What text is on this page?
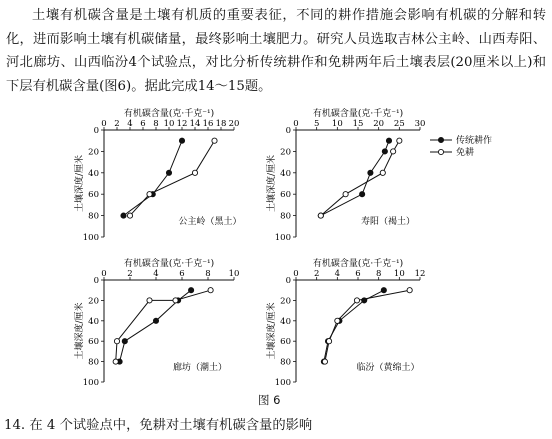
土壤有机碳含量是土壤有机质的重要表征，不同的耕作措施会影响有机碳的分解和转化，进而影响土壤有机碳储量，最终影响土壤肥力。研究人员选取吉林公主岭、山西寿阳、河北廊坊、山西临汾4个试验点，对比分析传统耕作和免耕两年后土壤表层(20厘米以上)和下层有机碳含量(图6)。据此完成14～15题。

0 2 4 6 8 10 12 14 16 18 20
0
20
40
60
80
100
有机碳含量(克·千克⁻¹)
土壤深度/厘米
公主岭（黑土）
0 5 10 15 20 25 30
0
20
40
60
80
100
有机碳含量(克·千克⁻¹)
土壤深度/厘米
寿阳（褐土）
0 2 4 6 8 10
0
20
40
60
80
100
有机碳含量(克·千克⁻¹)
土壤深度/厘米
廊坊（潮土）
0 2 4 6 8 10 12
0
20
40
60
80
100
有机碳含量(克·千克⁻¹)
土壤深度/厘米
临汾（黄绵土）
传统耕作
免耕
图 6
14. 在 4 个试验点中，免耕对土壤有机碳含量的影响
